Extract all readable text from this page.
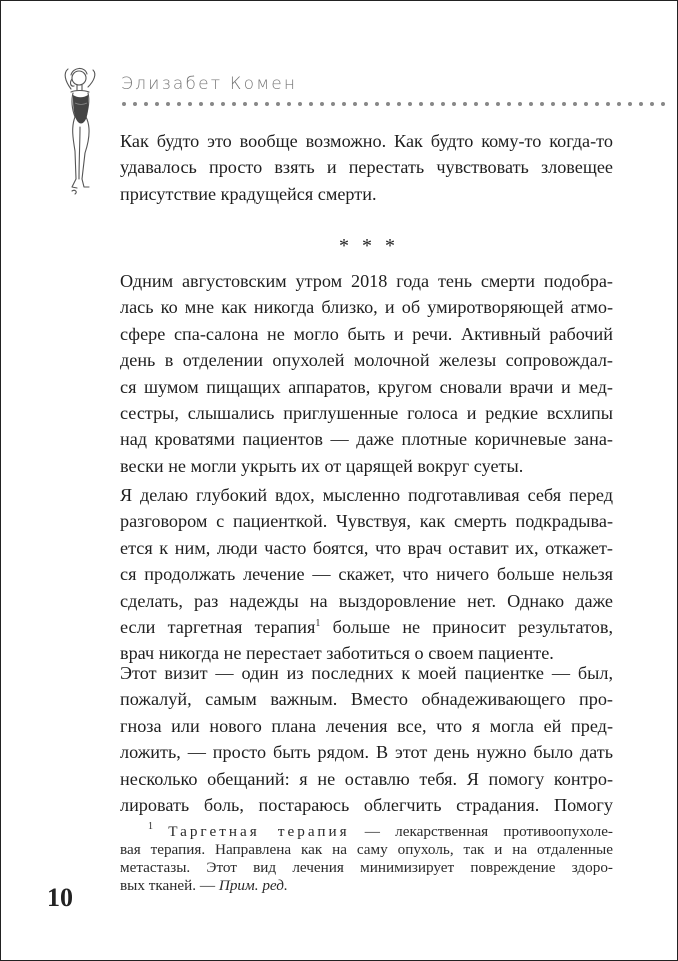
Элизабет Комен
Как будто это вообще возможно. Как будто кому-то когда-то
удавалось просто взять и перестать чувствовать зловещее
присутствие крадущейся смерти.
* * *
Одним августовским утром 2018 года тень смерти подобра-
лась ко мне как никогда близко, и об умиротворяющей атмо-
сфере спа-салона не могло быть и речи. Активный рабочий
день в отделении опухолей молочной железы сопровождал-
ся шумом пищащих аппаратов, кругом сновали врачи и мед-
сестры, слышались приглушенные голоса и редкие всхлипы
над кроватями пациентов — даже плотные коричневые зана-
вески не могли укрыть их от царящей вокруг суеты.
Я делаю глубокий вдох, мысленно подготавливая себя перед
разговором с пациенткой. Чувствуя, как смерть подкрадыва-
ется к ним, люди часто боятся, что врач оставит их, откажет-
ся продолжать лечение — скажет, что ничего больше нельзя
сделать, раз надежды на выздоровление нет. Однако даже
если таргетная терапия$^1$ больше не приносит результатов,
врач никогда не перестает заботиться о своем пациенте.
Этот визит — один из последних к моей пациентке — был,
пожалуй, самым важным. Вместо обнадеживающего про-
гноза или нового плана лечения все, что я могла ей пред-
ложить, — просто быть рядом. В этот день нужно было дать
несколько обещаний: я не оставлю тебя. Я помогу контро-
лировать боль, постараюсь облегчить страдания. Помогу
$^1$ Таргетная терапия — лекарственная противоопухоле-
вая терапия. Направлена как на саму опухоль, так и на отдаленные
метастазы. Этот вид лечения минимизирует повреждение здоро-
вых тканей. — Прим. ред.
10
